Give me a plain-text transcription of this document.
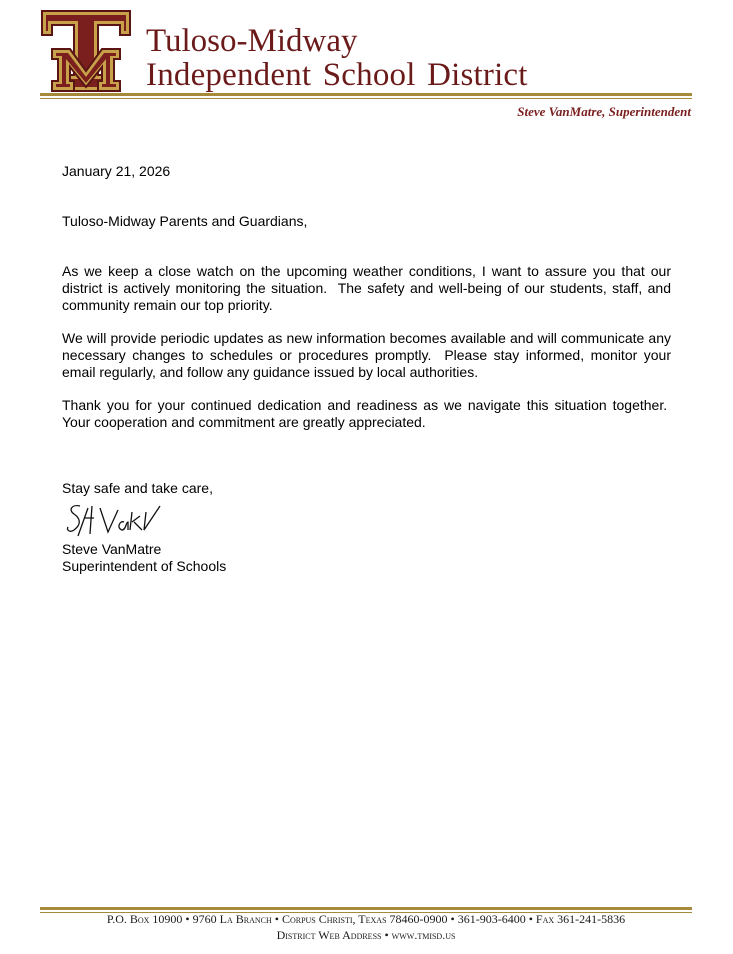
Tuloso-Midway
Independent School District
Steve VanMatre, Superintendent
January 21, 2026
Tuloso-Midway Parents and Guardians,
As we keep a close watch on the upcoming weather conditions, I want to assure you that our district is actively monitoring the situation.  The safety and well-being of our students, staff, and community remain our top priority.
We will provide periodic updates as new information becomes available and will communicate any necessary changes to schedules or procedures promptly.  Please stay informed, monitor your email regularly, and follow any guidance issued by local authorities.
Thank you for your continued dedication and readiness as we navigate this situation together.  Your cooperation and commitment are greatly appreciated.
Stay safe and take care,
Steve VanMatre
Superintendent of Schools
P.O. Box 10900 • 9760 La Branch • Corpus Christi, Texas 78460-0900 • 361-903-6400 • Fax 361-241-5836
District Web Address • www.tmisd.us
